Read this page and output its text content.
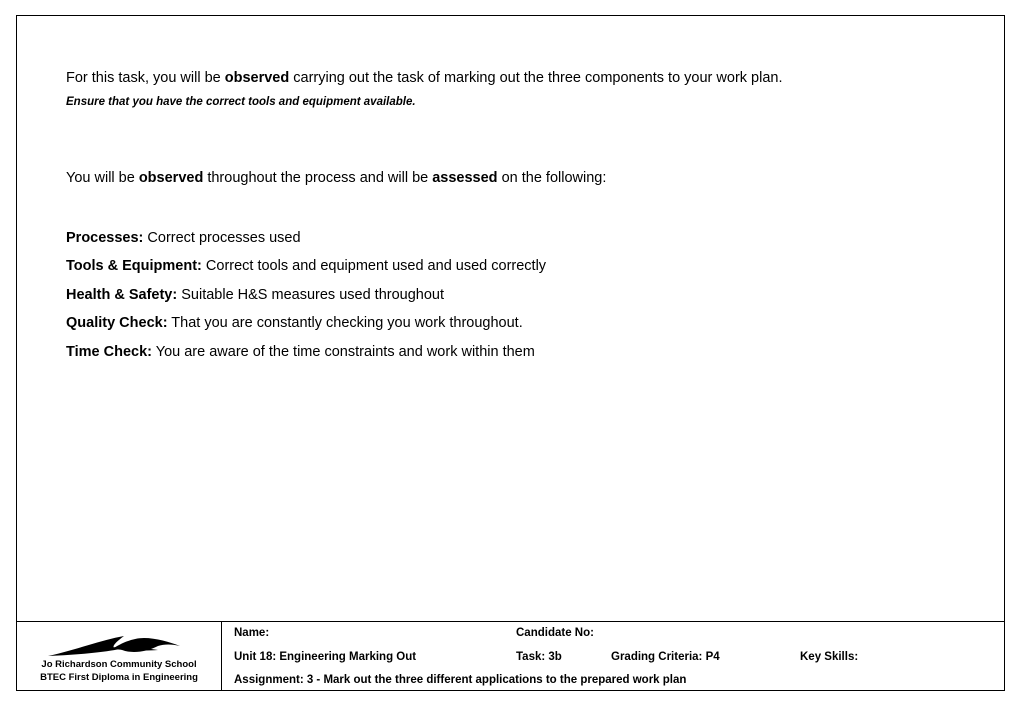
For this task, you will be observed carrying out the task of marking out the three components to your work plan.

Ensure that you have the correct tools and equipment available.

You will be observed throughout the process and will be assessed on the following:

Processes: Correct processes used
Tools & Equipment: Correct tools and equipment used and used correctly
Health & Safety: Suitable H&S measures used throughout
Quality Check: That you are constantly checking you work throughout.
Time Check: You are aware of the time constraints and work within them
Jo Richardson Community School
BTEC First Diploma in Engineering
Name:	Candidate No:
Unit 18: Engineering Marking Out	Task: 3b	Grading Criteria: P4	Key Skills:
Assignment: 3 - Mark out the three different applications to the prepared work plan
